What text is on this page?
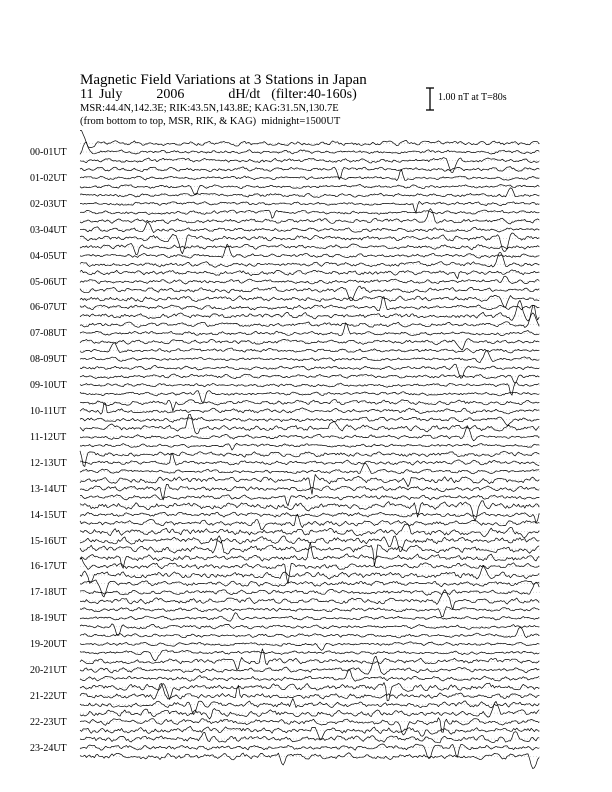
Magnetic Field Variations at 3 Stations in Japan
11 July 2006	dH/dt (filter:40-160s)
MSR:44.4N,142.3E; RIK:43.5N,143.8E; KAG:31.5N,130.7E
(from bottom to top, MSR, RIK, & KAG) midnight=1500UT
1.00 nT at T=80s
00-01UT
01-02UT
02-03UT
03-04UT
04-05UT
05-06UT
06-07UT
07-08UT
08-09UT
09-10UT
10-11UT
11-12UT
12-13UT
13-14UT
14-15UT
15-16UT
16-17UT
17-18UT
18-19UT
19-20UT
20-21UT
21-22UT
22-23UT
23-24UT
